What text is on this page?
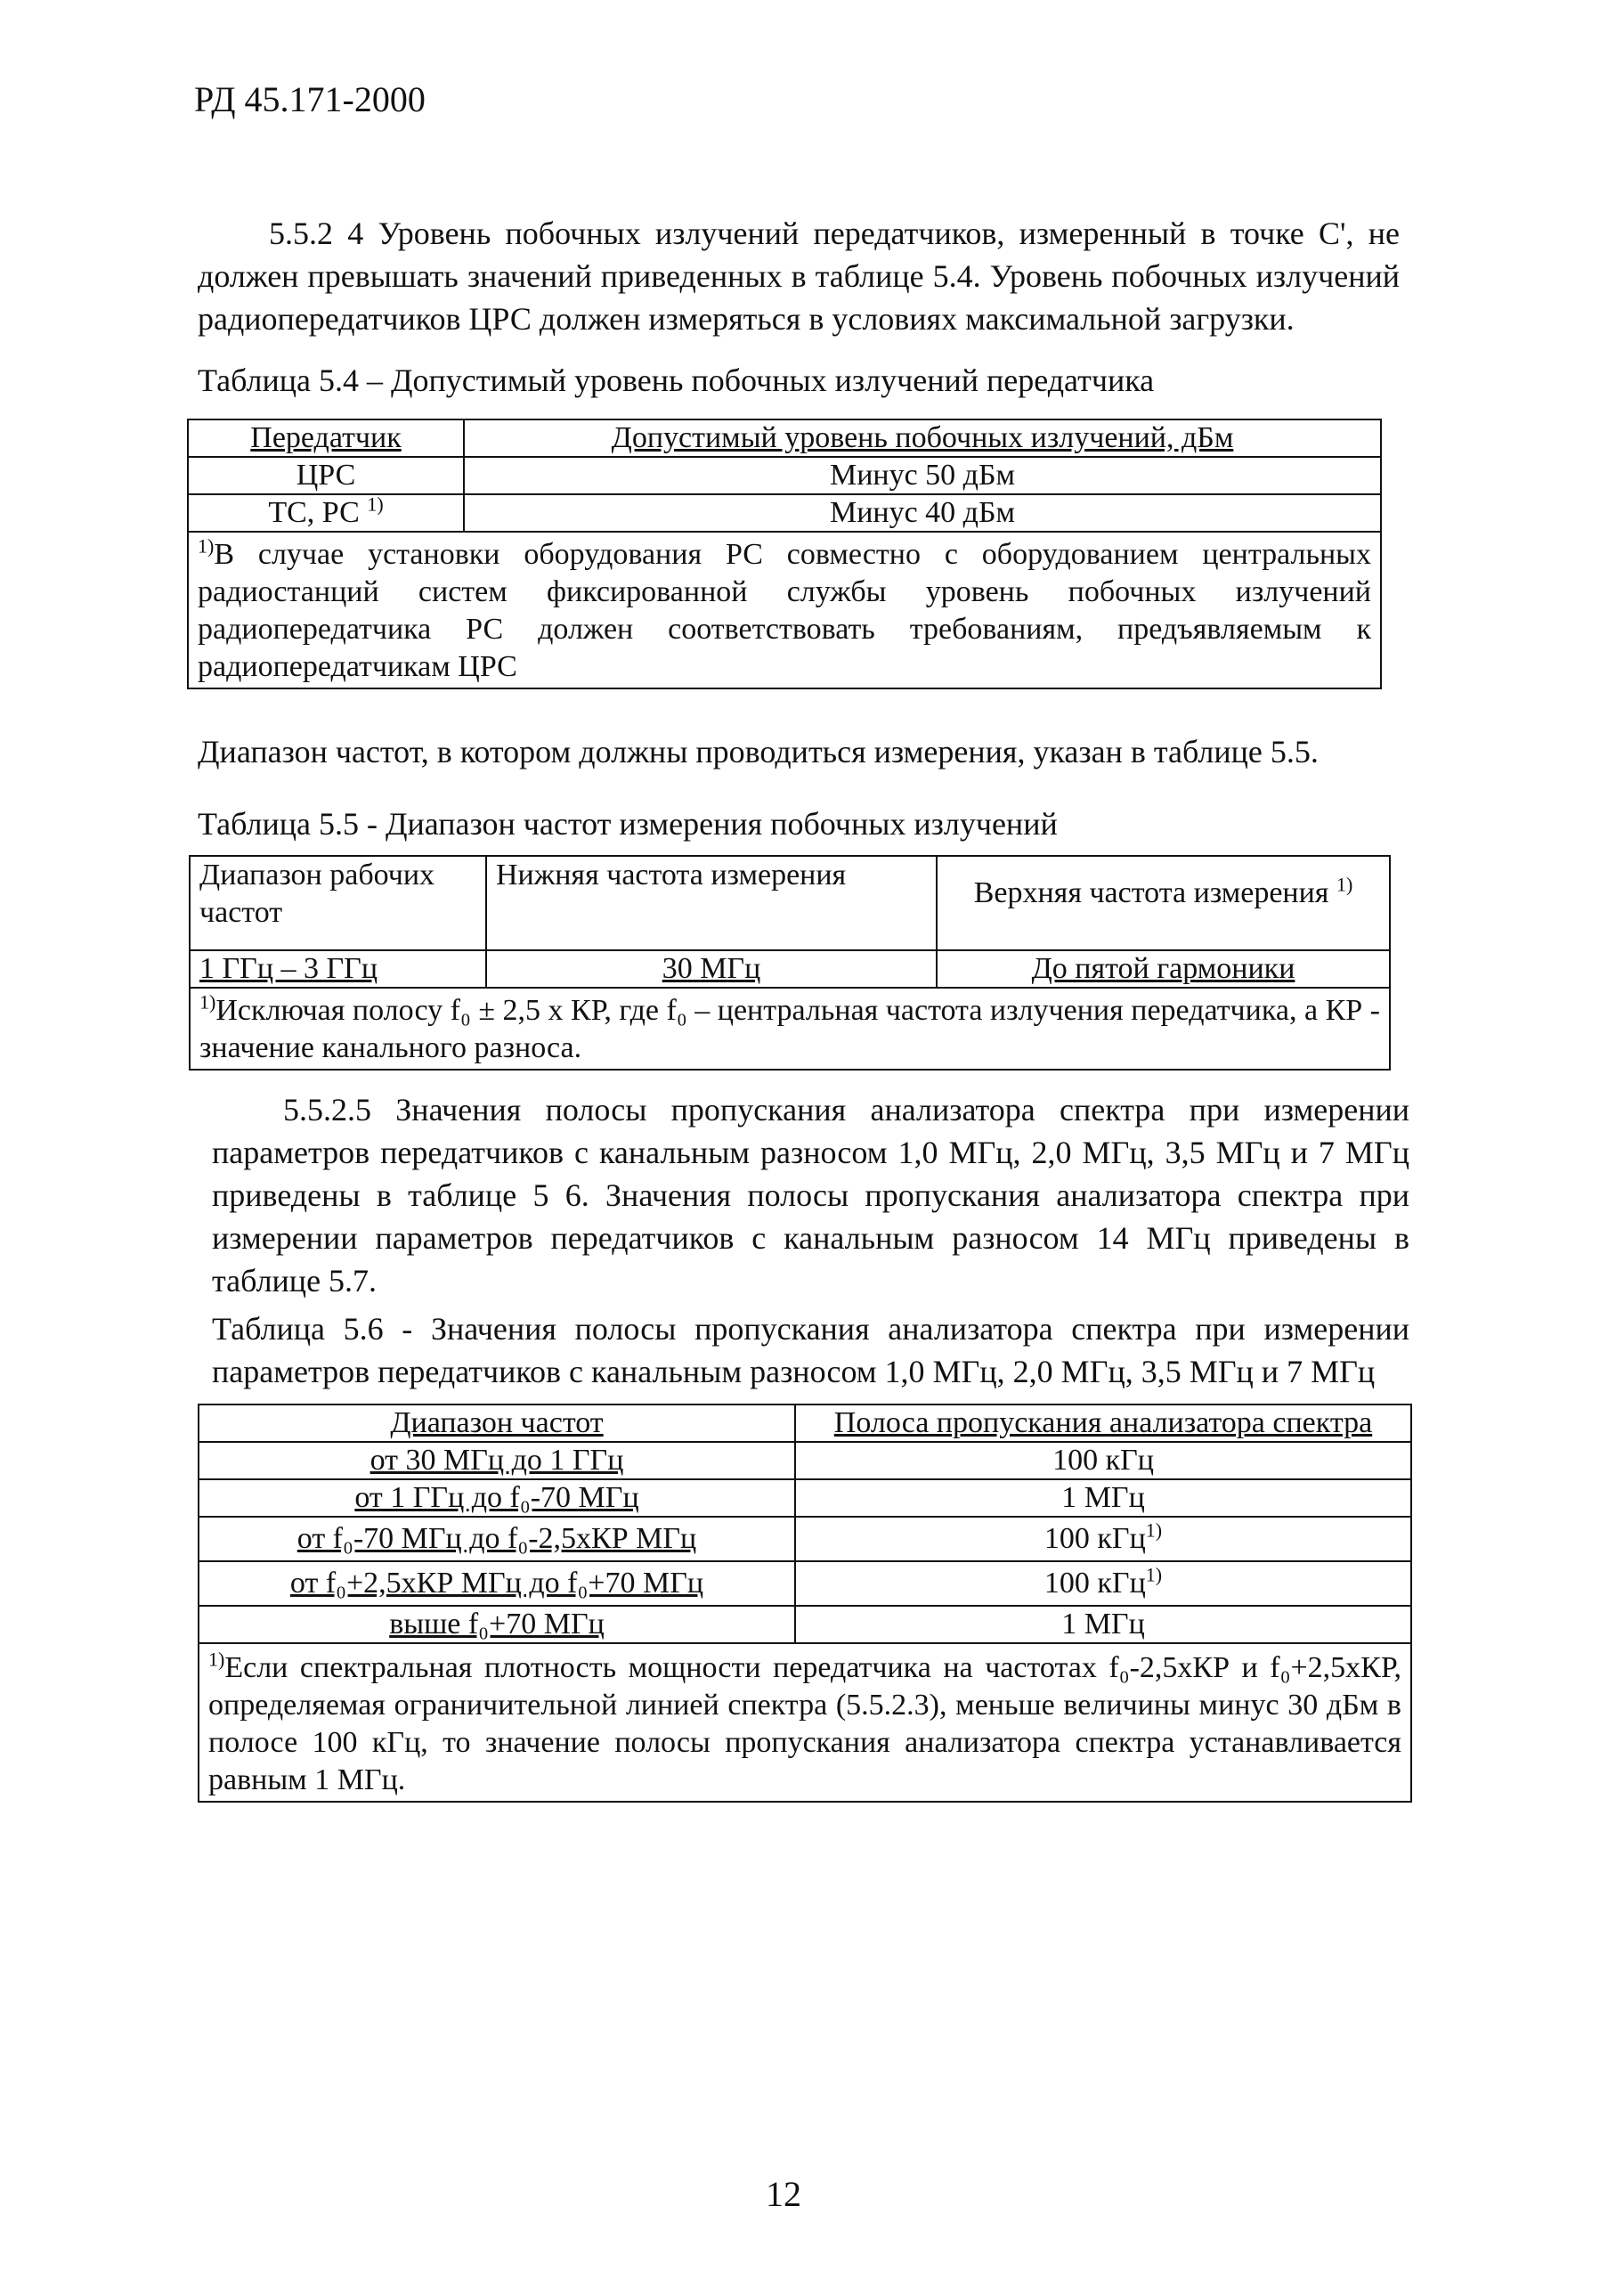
РД 45.171-2000
5.5.2 4 Уровень побочных излучений передатчиков, измеренный в точке С', не должен превышать значений приведенных в таблице 5.4. Уровень побочных излучений радиопередатчиков ЦРС должен измеряться в условиях максимальной загрузки.
Таблица 5.4 – Допустимый уровень побочных излучений передатчика
Передатчик	Допустимый уровень побочных излучений, дБм
ЦРС	Минус 50 дБм
ТС, РС $^{1)}$	Минус 40 дБм
$^{1)}$В случае установки оборудования РС совместно с оборудованием центральных радиостанций систем фиксированной службы уровень побочных излучений радиопередатчика РС должен соответствовать требованиям, предъявляемым к радиопередатчикам ЦРС	
Диапазон частот, в котором должны проводиться измерения, указан в таблице 5.5.
Таблица 5.5 - Диапазон частот измерения побочных излучений
Диапазон рабочих частот	Нижняя частота измерения	Верхняя частота измерения $^{1)}$
1 ГГц – 3 ГГц	30 МГц	До пятой гармоники
$^{1)}$Исключая полосу f₀ ± 2,5 х КР, где f₀ – центральная частота излучения передатчика, а КР - значение канального разноса.		
5.5.2.5 Значения полосы пропускания анализатора спектра при измерении параметров передатчиков с канальным разносом 1,0 МГц, 2,0 МГц, 3,5 МГц и 7 МГц приведены в таблице 5 6. Значения полосы пропускания анализатора спектра при измерении параметров передатчиков с канальным разносом 14 МГц приведены в таблице 5.7.
Таблица 5.6 - Значения полосы пропускания анализатора спектра при измерении параметров передатчиков с канальным разносом 1,0 МГц, 2,0 МГц, 3,5 МГц и 7 МГц
Диапазон частот	Полоса пропускания анализатора спектра
от 30 МГц до 1 ГГц	100 кГц
от 1 ГГц до f₀-70 МГц	1 МГц
от f₀-70 МГц до f₀-2,5хКР МГц	100 кГц$^{1)}$
от f₀+2,5хКР МГц до f₀+70 МГц	100 кГц$^{1)}$
выше f₀+70 МГц	1 МГц
$^{1)}$Если спектральная плотность мощности передатчика на частотах f₀-2,5хКР и f₀+2,5хКР, определяемая ограничительной линией спектра (5.5.2.3), меньше величины минус 30 дБм в полосе 100 кГц, то значение полосы пропускания анализатора спектра устанавливается равным 1 МГц.	
12
